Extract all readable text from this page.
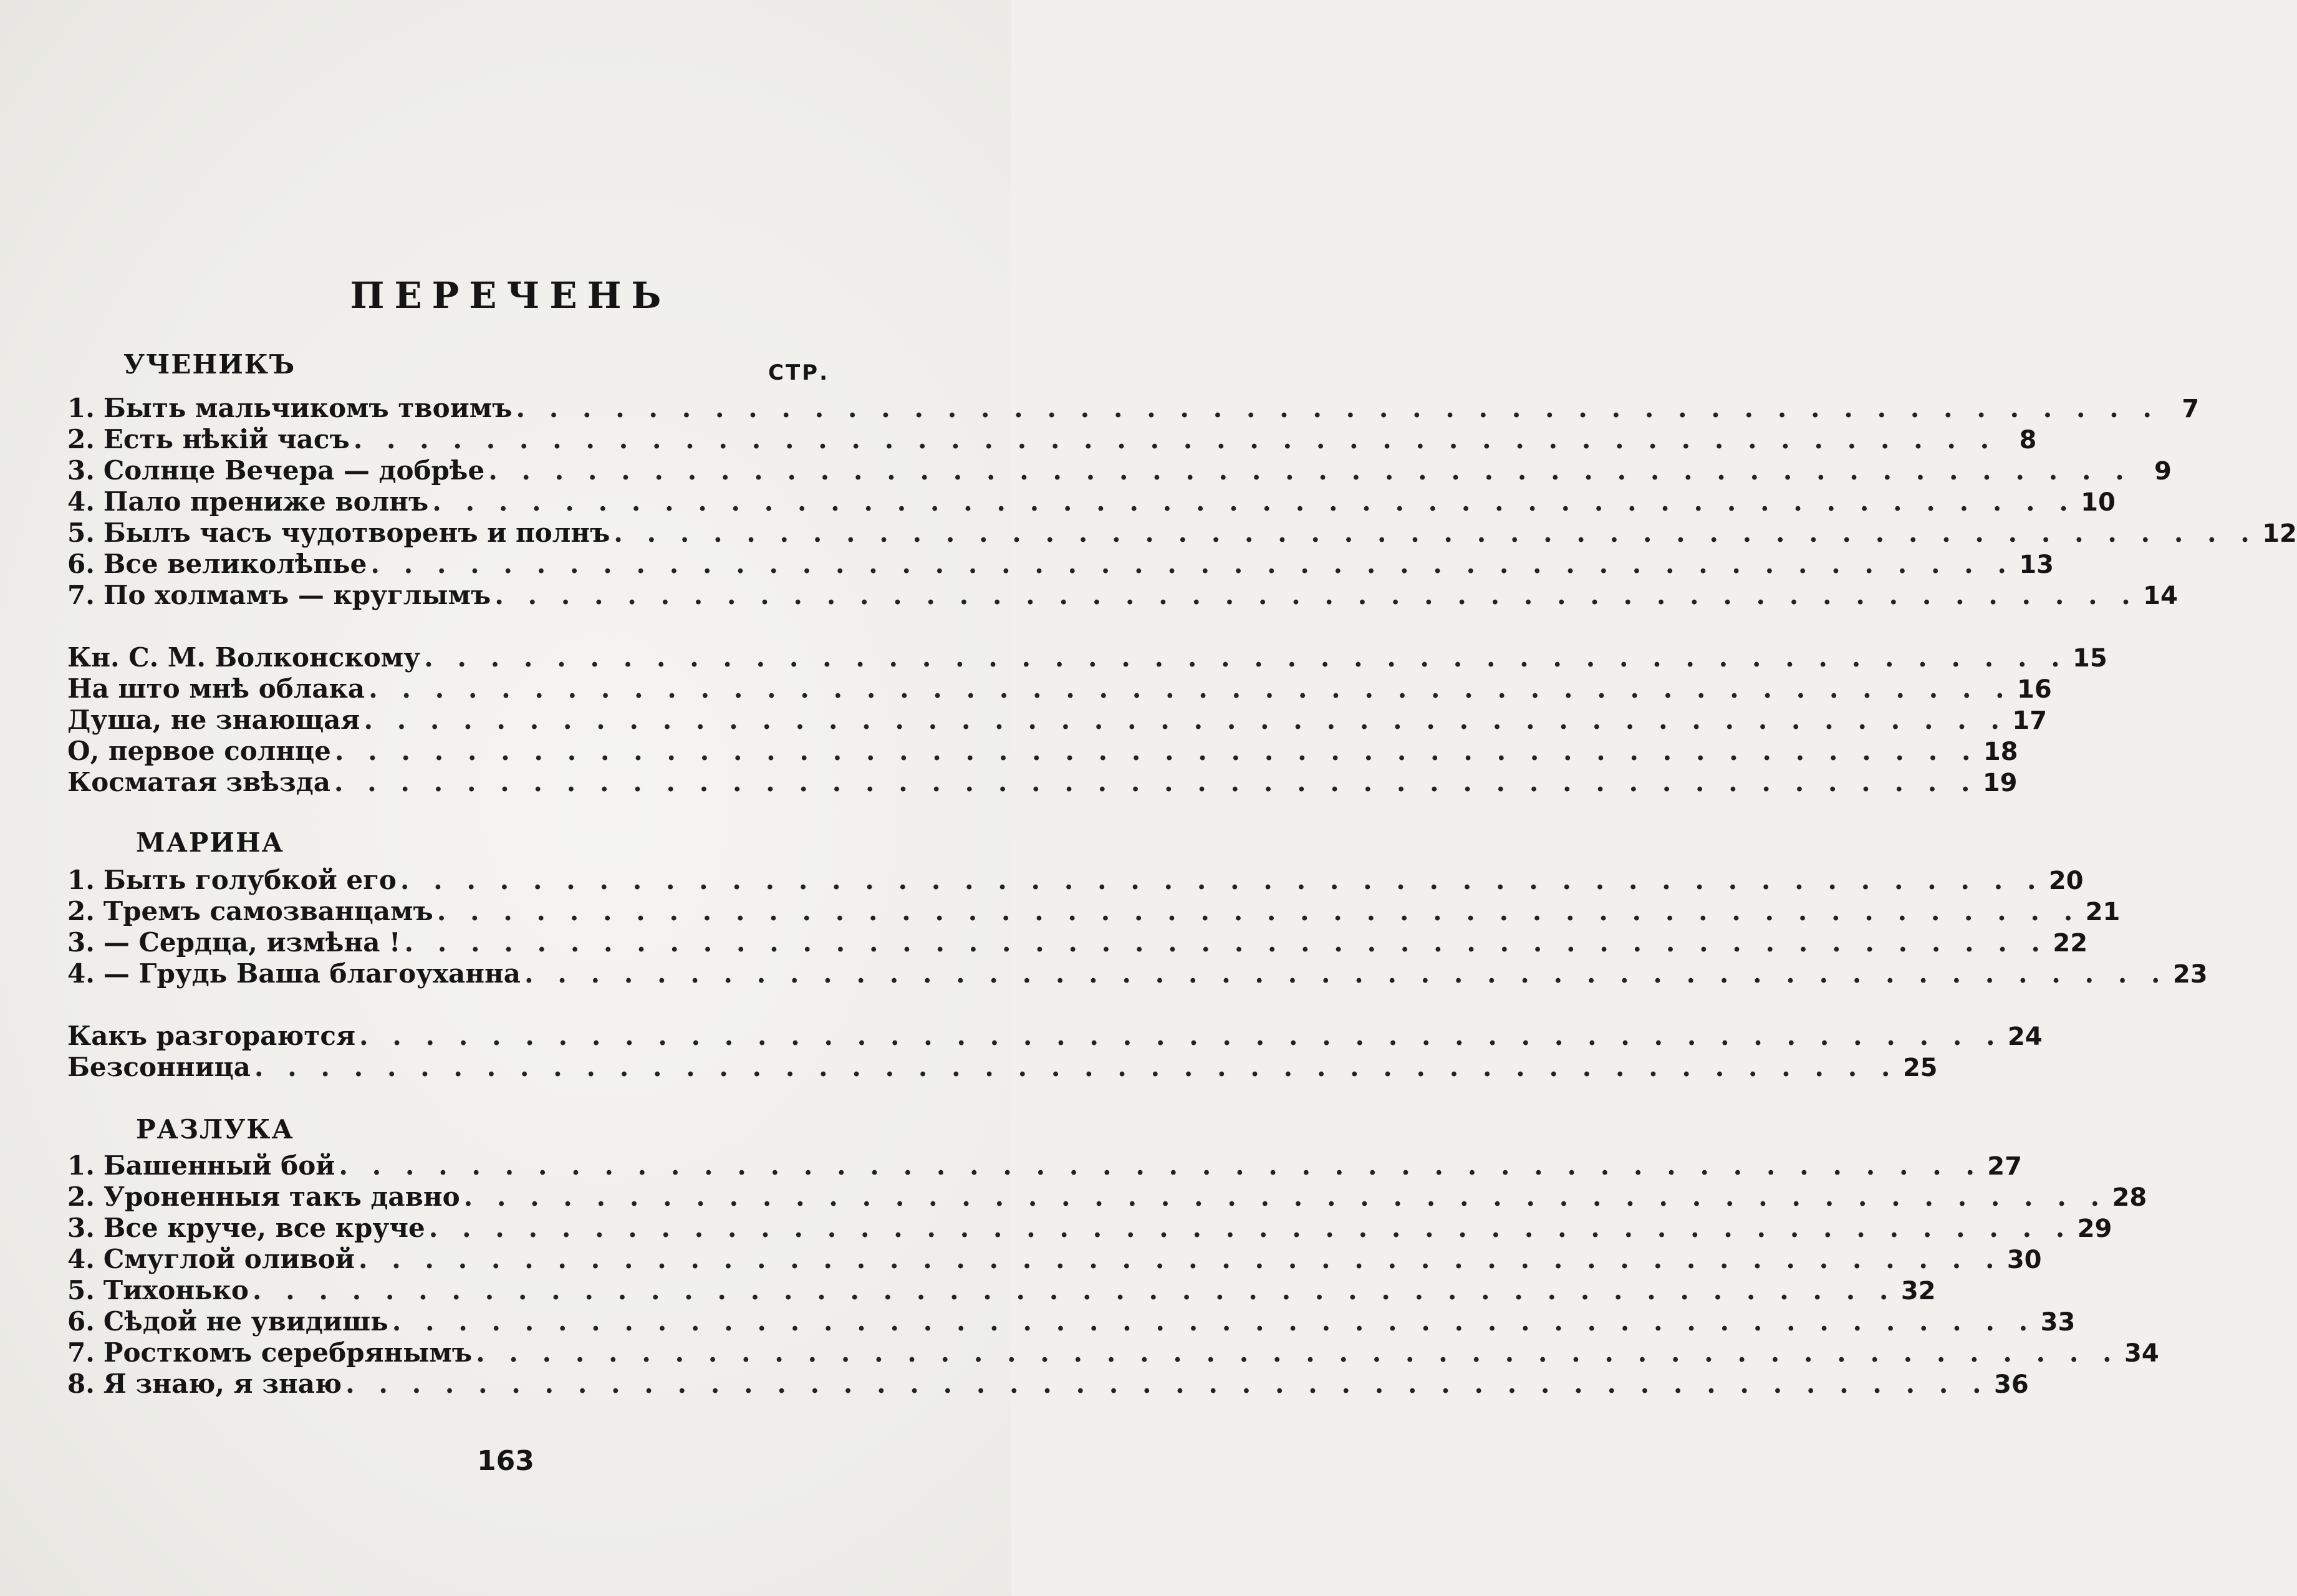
ПЕРЕЧЕНЬ
УЧЕНИКЪ	СТР.
1. Быть мальчикомъ твоимъ . . . . . . . . . . . . . . . . . . . . . . . . . . . . . . . . . . . . . . . . . . . . . . . . . . 7
2. Есть нѣкій часъ . . . . . . . . . . . . . . . . . . . . . . . . . . . . . . . . . . . . . . . . . . . . . . . . . . 8
3. Солнце Вечера — добрѣе . . . . . . . . . . . . . . . . . . . . . . . . . . . . . . . . . . . . . . . . . . . . . . . . . . 9
4. Пало прениже волнъ . . . . . . . . . . . . . . . . . . . . . . . . . . . . . . . . . . . . . . . . . . . . . . . . . . 10
5. Былъ часъ чудотворенъ и полнъ . . . . . . . . . . . . . . . . . . . . . . . . . . . . . . . . . . . . . . . . . . . . . . . . . . 12
6. Все великолѣпье . . . . . . . . . . . . . . . . . . . . . . . . . . . . . . . . . . . . . . . . . . . . . . . . . . 13
7. По холмамъ — круглымъ . . . . . . . . . . . . . . . . . . . . . . . . . . . . . . . . . . . . . . . . . . . . . . . . . . 14
Кн. С. М. Волконскому . . . . . . . . . . . . . . . . . . . . . . . . . . . . . . . . . . . . . . . . . . . . . . . . . . 15
На што мнѣ облака . . . . . . . . . . . . . . . . . . . . . . . . . . . . . . . . . . . . . . . . . . . . . . . . . . 16
Душа, не знающая . . . . . . . . . . . . . . . . . . . . . . . . . . . . . . . . . . . . . . . . . . . . . . . . . . 17
О, первое солнце . . . . . . . . . . . . . . . . . . . . . . . . . . . . . . . . . . . . . . . . . . . . . . . . . . 18
Косматая звѣзда . . . . . . . . . . . . . . . . . . . . . . . . . . . . . . . . . . . . . . . . . . . . . . . . . . 19
МАРИНА
1. Быть голубкой его . . . . . . . . . . . . . . . . . . . . . . . . . . . . . . . . . . . . . . . . . . . . . . . . . . 20
2. Тремъ самозванцамъ . . . . . . . . . . . . . . . . . . . . . . . . . . . . . . . . . . . . . . . . . . . . . . . . . . 21
3. — Сердца, измѣна ! . . . . . . . . . . . . . . . . . . . . . . . . . . . . . . . . . . . . . . . . . . . . . . . . . . 22
4. — Грудь Ваша благоуханна . . . . . . . . . . . . . . . . . . . . . . . . . . . . . . . . . . . . . . . . . . . . . . . . . . 23
Какъ разгораются . . . . . . . . . . . . . . . . . . . . . . . . . . . . . . . . . . . . . . . . . . . . . . . . . . 24
Безсонница . . . . . . . . . . . . . . . . . . . . . . . . . . . . . . . . . . . . . . . . . . . . . . . . . . 25
РАЗЛУКА
1. Башенный бой . . . . . . . . . . . . . . . . . . . . . . . . . . . . . . . . . . . . . . . . . . . . . . . . . . 27
2. Уроненныя такъ давно . . . . . . . . . . . . . . . . . . . . . . . . . . . . . . . . . . . . . . . . . . . . . . . . . . 28
3. Все круче, все круче . . . . . . . . . . . . . . . . . . . . . . . . . . . . . . . . . . . . . . . . . . . . . . . . . . 29
4. Смуглой оливой . . . . . . . . . . . . . . . . . . . . . . . . . . . . . . . . . . . . . . . . . . . . . . . . . . 30
5. Тихонько . . . . . . . . . . . . . . . . . . . . . . . . . . . . . . . . . . . . . . . . . . . . . . . . . . 32
6. Сѣдой не увидишь . . . . . . . . . . . . . . . . . . . . . . . . . . . . . . . . . . . . . . . . . . . . . . . . . . 33
7. Росткомъ серебрянымъ . . . . . . . . . . . . . . . . . . . . . . . . . . . . . . . . . . . . . . . . . . . . . . . . . . 34
8. Я знаю, я знаю . . . . . . . . . . . . . . . . . . . . . . . . . . . . . . . . . . . . . . . . . . . . . . . . . . 36
163
